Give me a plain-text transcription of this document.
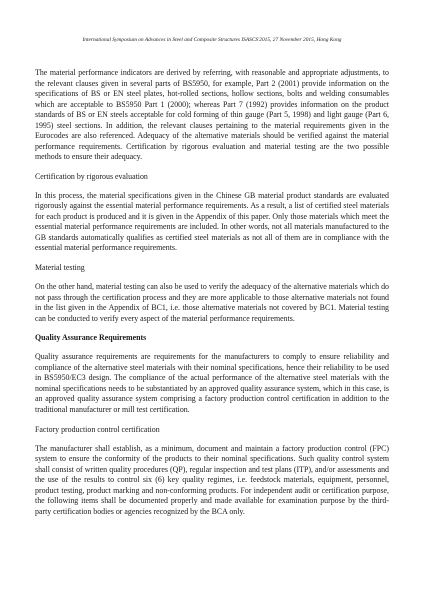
International Symposium on Advances in Steel and Composite Structures ISASCS'2015, 27 November 2015, Hong Kong

The material performance indicators are derived by referring, with reasonable and appropriate adjustments, to the relevant clauses given in several parts of BS5950, for example, Part 2 (2001) provide information on the specifications of BS or EN steel plates, hot-rolled sections, hollow sections, bolts and welding consumables which are acceptable to BS5950 Part 1 (2000); whereas Part 7 (1992) provides information on the product standards of BS or EN steels acceptable for cold forming of thin gauge (Part 5, 1998) and light gauge (Part 6, 1995) steel sections. In addition, the relevant clauses pertaining to the material requirements given in the Eurocodes are also referenced. Adequacy of the alternative materials should be verified against the material performance requirements. Certification by rigorous evaluation and material testing are the two possible methods to ensure their adequacy.

Certification by rigorous evaluation

In this process, the material specifications given in the Chinese GB material product standards are evaluated rigorously against the essential material performance requirements. As a result, a list of certified steel materials for each product is produced and it is given in the Appendix of this paper. Only those materials which meet the essential material performance requirements are included. In other words, not all materials manufactured to the GB standards automatically qualifies as certified steel materials as not all of them are in compliance with the essential material performance requirements.

Material testing

On the other hand, material testing can also be used to verify the adequacy of the alternative materials which do not pass through the certification process and they are more applicable to those alternative materials not found in the list given in the Appendix of BC1, i.e. those alternative materials not covered by BC1. Material testing can be conducted to verify every aspect of the material performance requirements.

Quality Assurance Requirements

Quality assurance requirements are requirements for the manufacturers to comply to ensure reliability and compliance of the alternative steel materials with their nominal specifications, hence their reliability to be used in BS5950/EC3 design. The compliance of the actual performance of the alternative steel materials with the nominal specifications needs to be substantiated by an approved quality assurance system, which in this case, is an approved quality assurance system comprising a factory production control certification in addition to the traditional manufacturer or mill test certification.

Factory production control certification

The manufacturer shall establish, as a minimum, document and maintain a factory production control (FPC) system to ensure the conformity of the products to their nominal specifications. Such quality control system shall consist of written quality procedures (QP), regular inspection and test plans (ITP), and/or assessments and the use of the results to control six (6) key quality regimes, i.e. feedstock materials, equipment, personnel, product testing, product marking and non-conforming products. For independent audit or certification purpose, the following items shall be documented properly and made available for examination purpose by the third-party certification bodies or agencies recognized by the BCA only.
